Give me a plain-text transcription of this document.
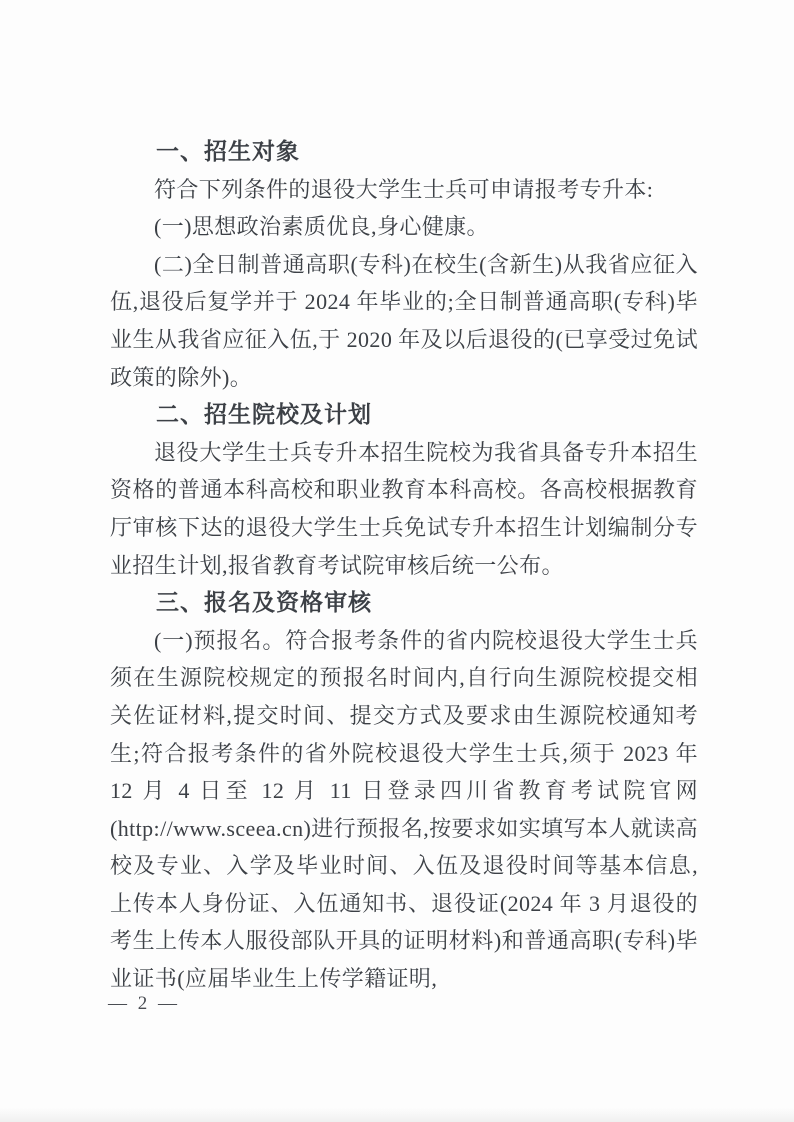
一、招生对象
符合下列条件的退役大学生士兵可申请报考专升本:
(一)思想政治素质优良,身心健康。
(二)全日制普通高职(专科)在校生(含新生)从我省应征入伍,退役后复学并于 2024 年毕业的;全日制普通高职(专科)毕业生从我省应征入伍,于 2020 年及以后退役的(已享受过免试政策的除外)。
二、招生院校及计划
退役大学生士兵专升本招生院校为我省具备专升本招生资格的普通本科高校和职业教育本科高校。各高校根据教育厅审核下达的退役大学生士兵免试专升本招生计划编制分专业招生计划,报省教育考试院审核后统一公布。
三、报名及资格审核
(一)预报名。符合报考条件的省内院校退役大学生士兵须在生源院校规定的预报名时间内,自行向生源院校提交相关佐证材料,提交时间、提交方式及要求由生源院校通知考生;符合报考条件的省外院校退役大学生士兵,须于 2023 年 12 月 4 日至 12 月 11 日登录四川省教育考试院官网(http://www.sceea.cn)进行预报名,按要求如实填写本人就读高校及专业、入学及毕业时间、入伍及退役时间等基本信息,上传本人身份证、入伍通知书、退役证(2024 年 3 月退役的考生上传本人服役部队开具的证明材料)和普通高职(专科)毕业证书(应届毕业生上传学籍证明,
— 2 —
